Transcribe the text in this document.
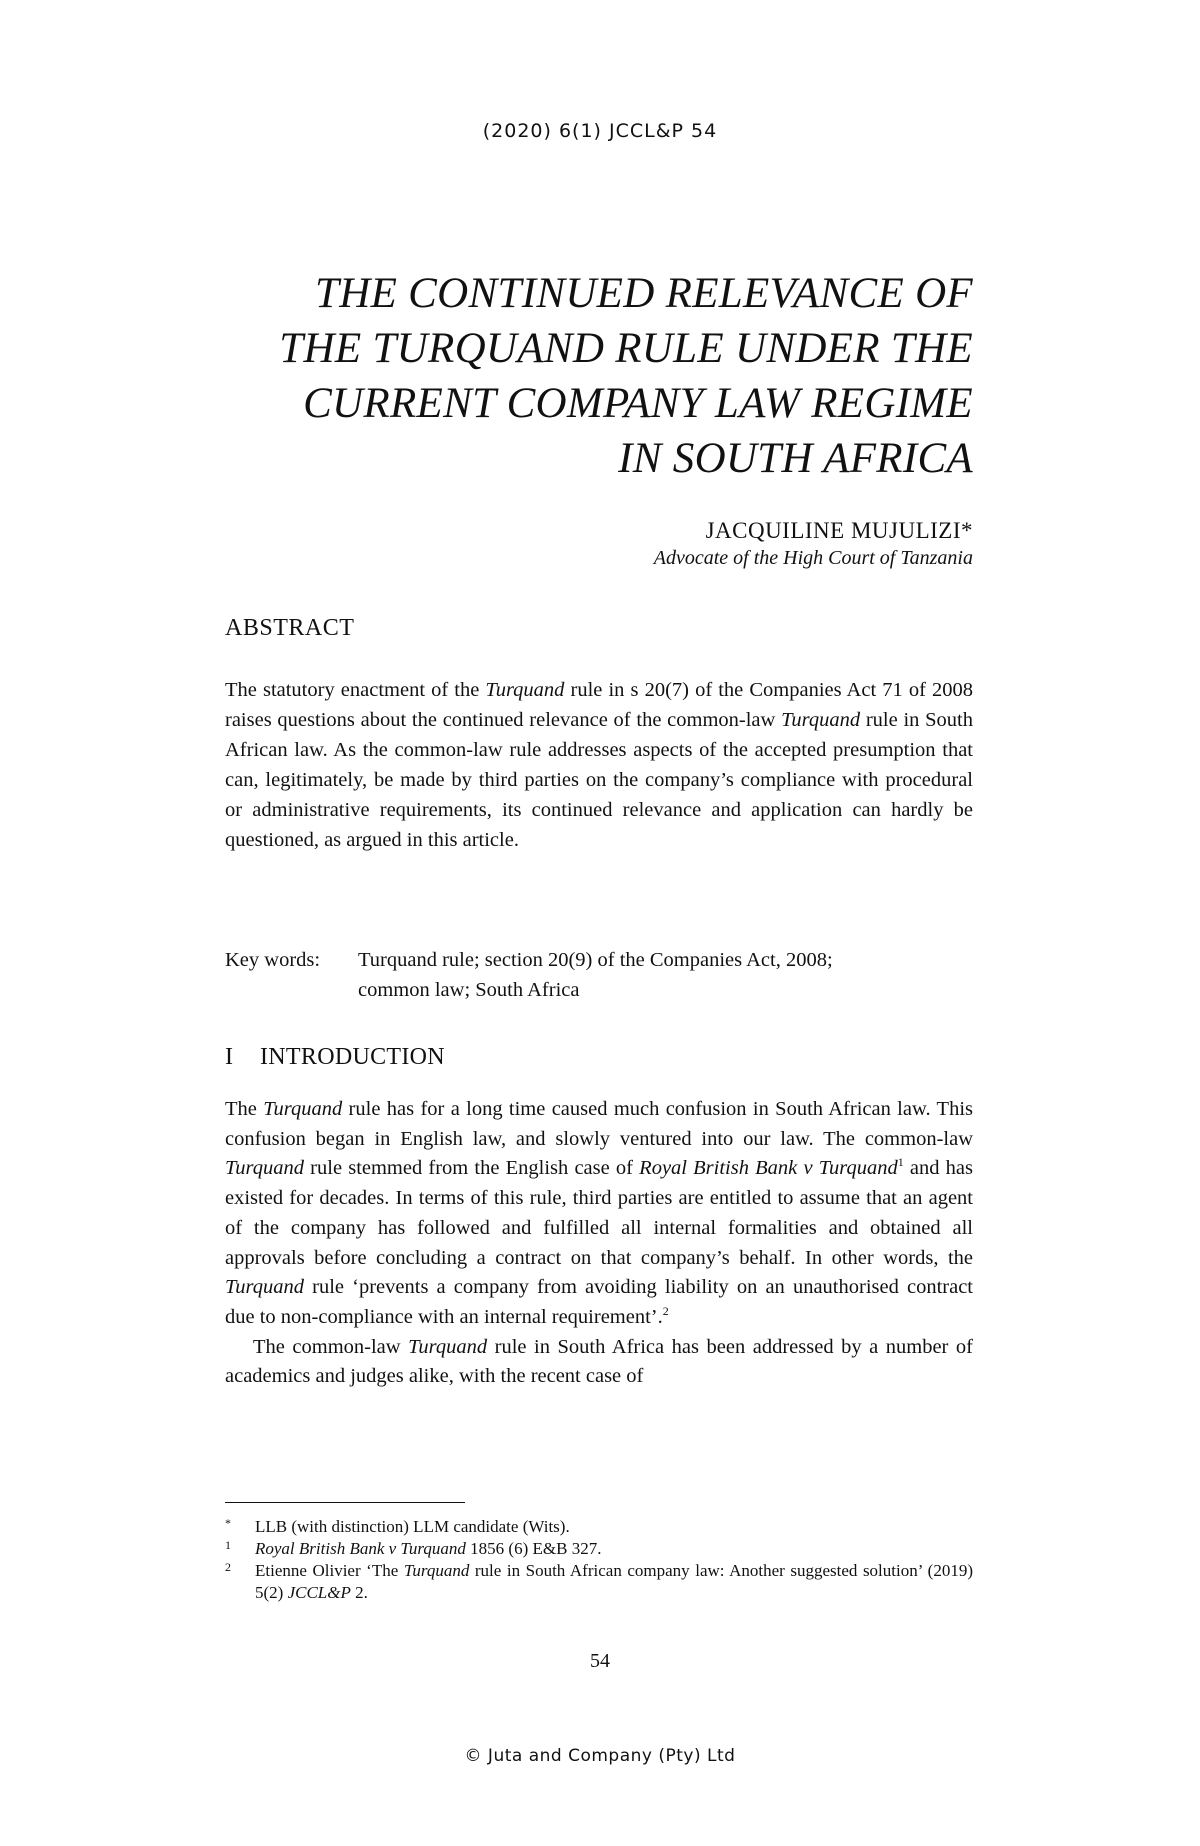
(2020) 6(1) JCCL&P 54
THE CONTINUED RELEVANCE OF
THE TURQUAND RULE UNDER THE
CURRENT COMPANY LAW REGIME
IN SOUTH AFRICA
JACQUILINE MUJULIZI*
Advocate of the High Court of Tanzania
ABSTRACT

The statutory enactment of the Turquand rule in s 20(7) of the Companies Act 71 of 2008 raises questions about the continued relevance of the common-law Turquand rule in South African law. As the common-law rule addresses aspects of the accepted presumption that can, legitimately, be made by third parties on the company’s compliance with procedural or administrative requirements, its continued relevance and application can hardly be questioned, as argued in this article.

Key words: Turquand rule; section 20(9) of the Companies Act, 2008;
common law; South Africa
I INTRODUCTION

The Turquand rule has for a long time caused much confusion in South African law. This confusion began in English law, and slowly ventured into our law. The common-law Turquand rule stemmed from the English case of Royal British Bank v Turquand$^1$ and has existed for decades. In terms of this rule, third parties are entitled to assume that an agent of the company has followed and fulfilled all internal formalities and obtained all approvals before concluding a contract on that company’s behalf. In other words, the Turquand rule ‘prevents a company from avoiding liability on an unauthorised contract due to non-compliance with an internal requirement’.$^2$

The common-law Turquand rule in South Africa has been addressed by a number of academics and judges alike, with the recent case of

* LLB (with distinction) LLM candidate (Wits).
1 Royal British Bank v Turquand 1856 (6) E&B 327.
2 Etienne Olivier ‘The Turquand rule in South African company law: Another suggested solution’ (2019) 5(2) JCCL&P 2.
54
© Juta and Company (Pty) Ltd
